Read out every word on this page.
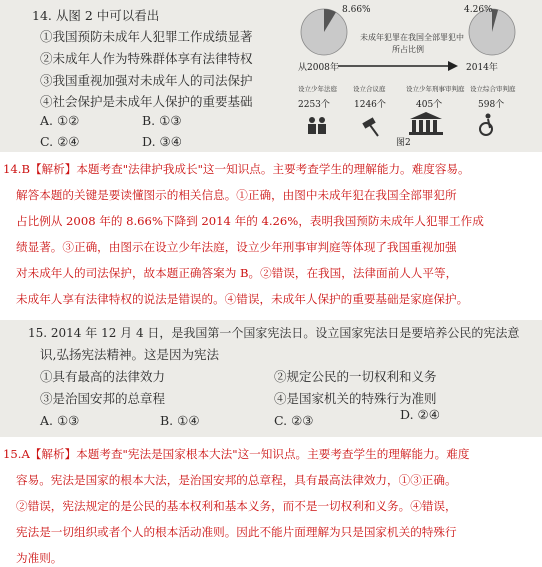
14. 从图 2 中可以看出
①我国预防未成年人犯罪工作成绩显著
②未成年人作为特殊群体享有法律特权
③我国重视加强对未成年人的司法保护
④社会保护是未成年人保护的重要基础
A. ①②	B. ①③
C. ②④	D. ③④
8.66%	4.26%
未成年犯罪在我国全部罪犯中
所占比例
从2008年	2014年
设立少年法庭
2253个
设立合议庭
1246个
设立少年刑事审判庭
405个
设立综合审判庭
598个
图2
14.B【解析】本题考查"法律护我成长"这一知识点。主要考查学生的理解能力。难度容易。
解答本题的关键是要读懂图示的相关信息。①正确，由图中未成年犯在我国全部罪犯所
占比例从 2008 年的 8.66%下降到 2014 年的 4.26%，表明我国预防未成年人犯罪工作成
绩显著。③正确，由图示在设立少年法庭，设立少年刑事审判庭等体现了我国重视加强
对未成年人的司法保护，故本题正确答案为 B。②错误，在我国，法律面前人人平等，
未成年人享有法律特权的说法是错误的。④错误，未成年人保护的重要基础是家庭保护。
15. 2014 年 12 月 4 日，是我国第一个国家宪法日。设立国家宪法日是要培养公民的宪法意
识,弘扬宪法精神。这是因为宪法
①具有最高的法律效力	②规定公民的一切权利和义务
③是治国安邦的总章程	④是国家机关的特殊行为准则
A. ①③	B. ①④	C. ②③	D. ②④
15.A【解析】本题考查"宪法是国家根本大法"这一知识点。主要考查学生的理解能力。难度
容易。宪法是国家的根本大法，是治国安邦的总章程，具有最高法律效力，①③正确。
②错误，宪法规定的是公民的基本权利和基本义务，而不是一切权利和义务。④错误，
宪法是一切组织或者个人的根本活动准则。因此不能片面理解为只是国家机关的特殊行
为准则。
